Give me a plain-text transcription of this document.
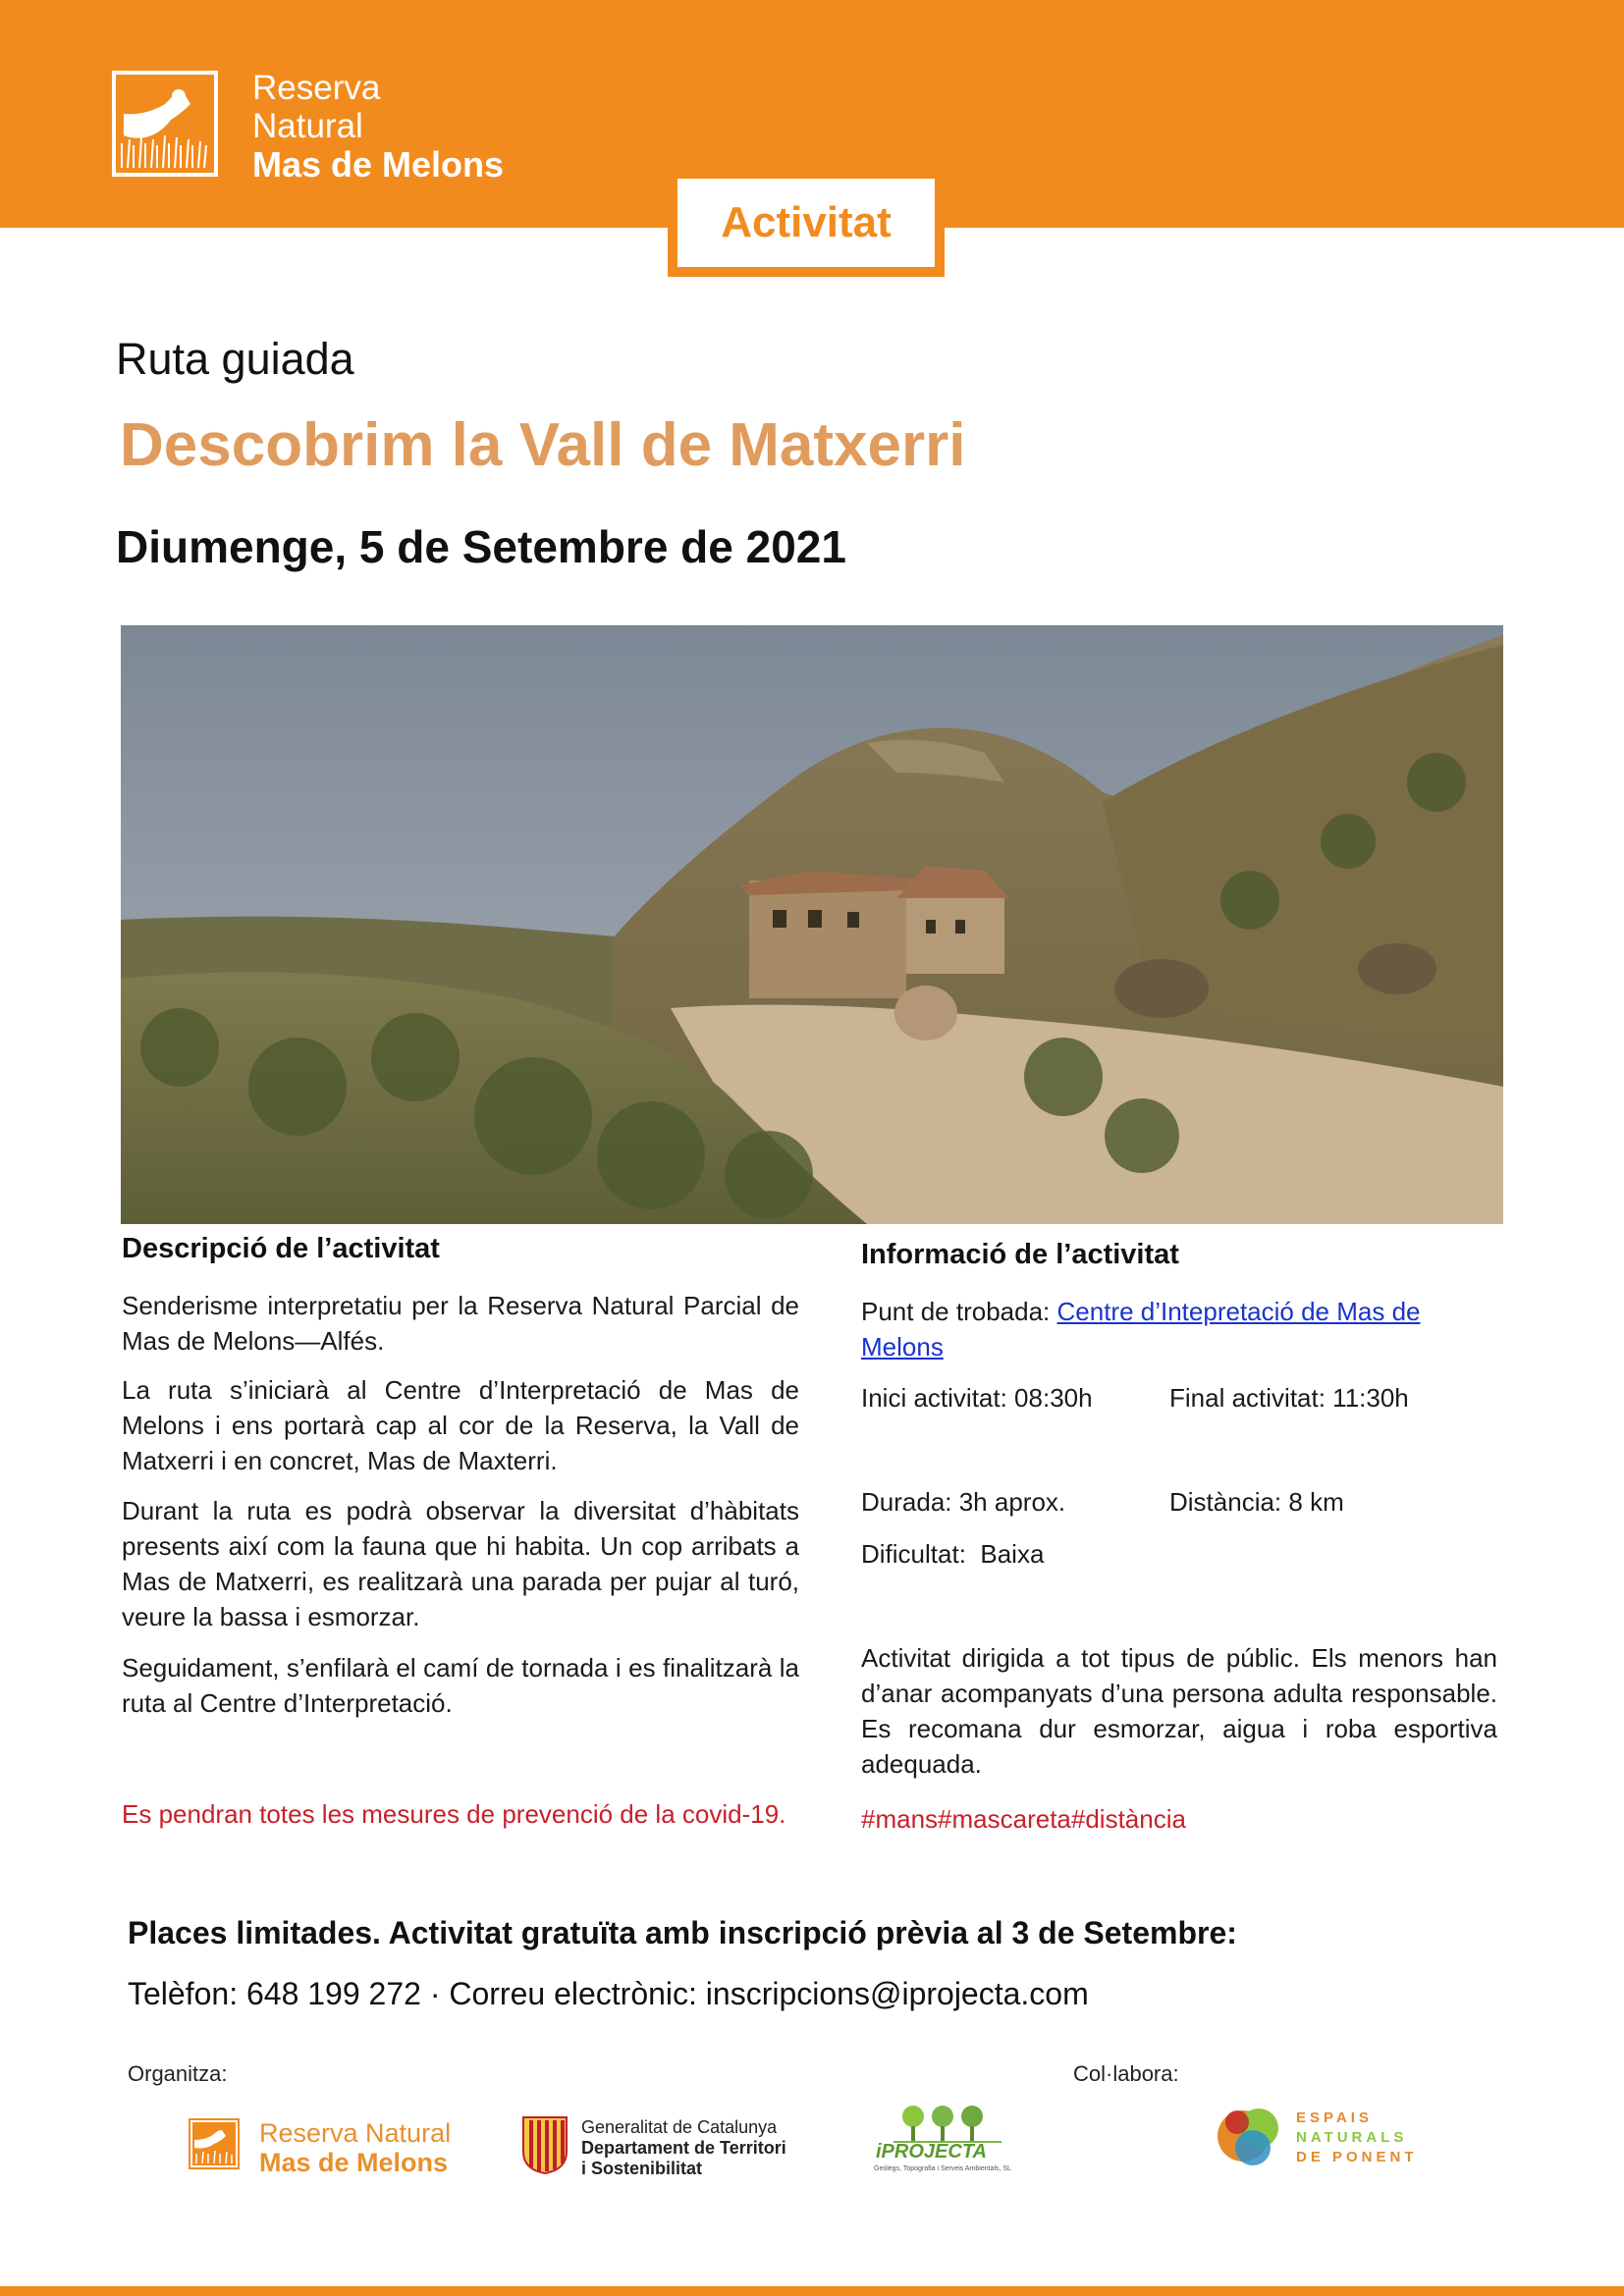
Reserva
Natural
Mas de Melons
Activitat
Ruta guiada
Descobrim la Vall de Matxerri
Diumenge, 5 de Setembre de 2021
Descripció de l’activitat
Senderisme interpretatiu per la Reserva Natural Parcial de Mas de Melons—Alfés.
La ruta s’iniciarà al Centre d’Interpretació de Mas de Melons i ens portarà cap al cor de la Reserva, la Vall de Matxerri i en concret, Mas de Maxterri.
Durant la ruta es podrà observar la diversitat d’hàbitats presents així com la fauna que hi habita. Un cop arribats a Mas de Matxerri, es realitzarà una parada per pujar al turó, veure la bassa i esmorzar.
Seguidament, s’enfilarà el camí de tornada i es finalitzarà la ruta al Centre d’Interpretació.
Es pendran totes les mesures de prevenció de la covid-19.
Informació de l’activitat
Punt de trobada: Centre d’Intepretació de Mas de Melons
Inici activitat: 08:30h	Final activitat: 11:30h
Durada: 3h aprox.	Distància: 8 km
Dificultat:  Baixa
Activitat dirigida a tot tipus de públic. Els menors han d’anar acompanyats d’una persona adulta responsable. Es recomana dur esmorzar, aigua i roba esportiva adequada.
#mans#mascareta#distància
Places limitades. Activitat gratuïta amb inscripció prèvia al 3 de Setembre:
Telèfon: 648 199 272 · Correu electrònic: inscripcions@iprojecta.com
Organitza:	Col·labora:
Reserva Natural
Mas de Melons
Generalitat de Catalunya
Departament de Territori
i Sostenibilitat
iPROJECTA
Geòlegs, Topografia i Serveis Ambientals, SL
ESPAIS
NATURALS
DE PONENT
